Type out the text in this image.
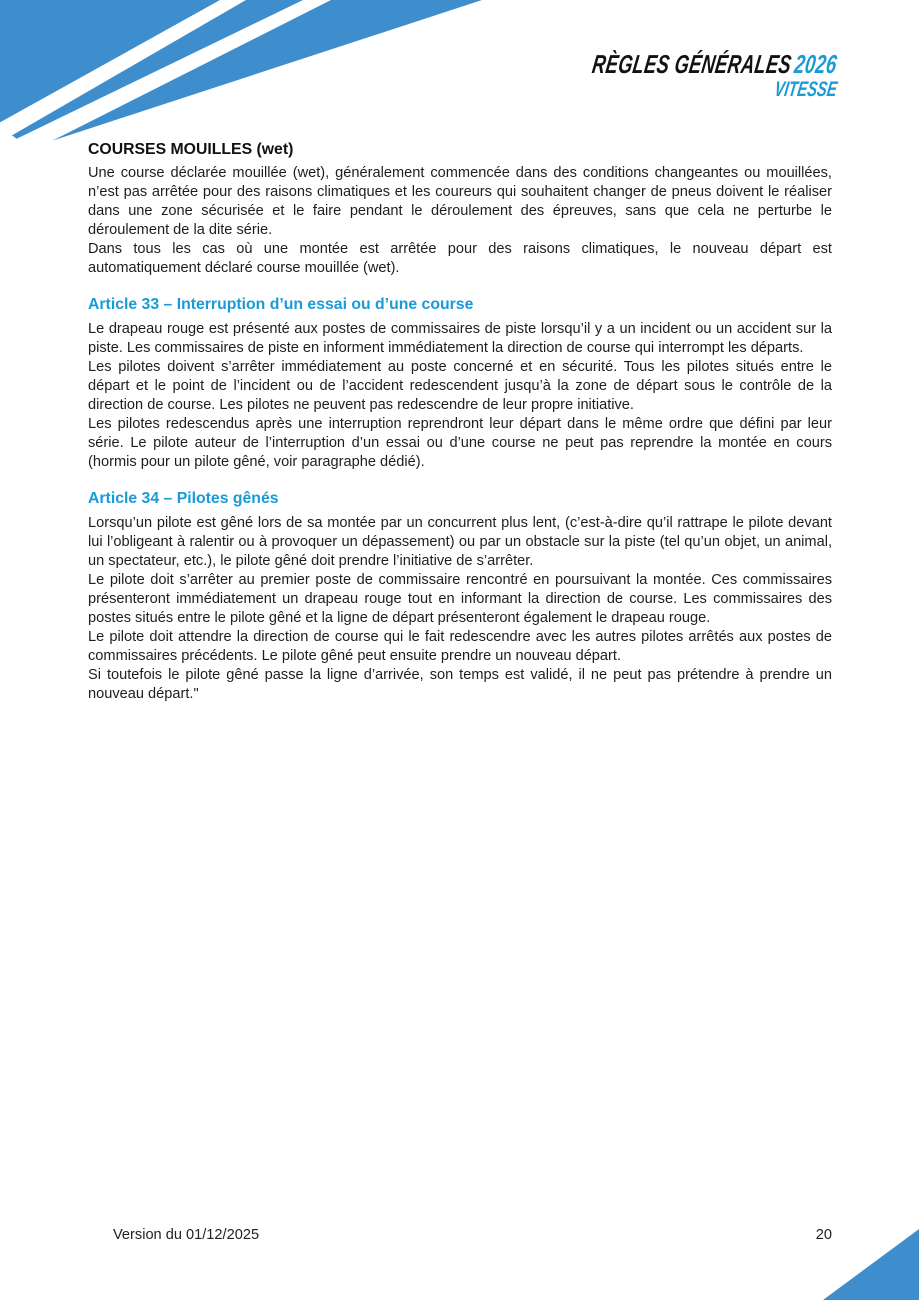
RÈGLES GÉNÉRALES2026
VITESSE
COURSES MOUILLES (wet)

Une course déclarée mouillée (wet), généralement commencée dans des conditions changeantes ou mouillées, n’est pas arrêtée pour des raisons climatiques et les coureurs qui souhaitent changer de pneus doivent le réaliser dans une zone sécurisée et le faire pendant le déroulement des épreuves, sans que cela ne perturbe le déroulement de la dite série.

Dans tous les cas où une montée est arrêtée pour des raisons climatiques, le nouveau départ est automatiquement déclaré course mouillée (wet).

Article 33 – Interruption d’un essai ou d’une course

Le drapeau rouge est présenté aux postes de commissaires de piste lorsqu’il y a un incident ou un accident sur la piste. Les commissaires de piste en informent immédiatement la direction de course qui interrompt les départs.

Les pilotes doivent s’arrêter immédiatement au poste concerné et en sécurité. Tous les pilotes situés entre le départ et le point de l’incident ou de l’accident redescendent jusqu’à la zone de départ sous le contrôle de la direction de course. Les pilotes ne peuvent pas redescendre de leur propre initiative.

Les pilotes redescendus après une interruption reprendront leur départ dans le même ordre que défini par leur série. Le pilote auteur de l’interruption d’un essai ou d’une course ne peut pas reprendre la montée en cours (hormis pour un pilote gêné, voir paragraphe dédié).

Article 34 – Pilotes gênés

Lorsqu’un pilote est gêné lors de sa montée par un concurrent plus lent, (c’est-à-dire qu’il rattrape le pilote devant lui l’obligeant à ralentir ou à provoquer un dépassement) ou par un obstacle sur la piste (tel qu’un objet, un animal, un spectateur, etc.), le pilote gêné doit prendre l’initiative de s’arrêter.

Le pilote doit s’arrêter au premier poste de commissaire rencontré en poursuivant la montée. Ces commissaires présenteront immédiatement un drapeau rouge tout en informant la direction de course. Les commissaires des postes situés entre le pilote gêné et la ligne de départ présenteront également le drapeau rouge.

Le pilote doit attendre la direction de course qui le fait redescendre avec les autres pilotes arrêtés aux postes de commissaires précédents. Le pilote gêné peut ensuite prendre un nouveau départ.

Si toutefois le pilote gêné passe la ligne d’arrivée, son temps est validé, il ne peut pas prétendre à prendre un nouveau départ."

Version du 01/12/2025	20
